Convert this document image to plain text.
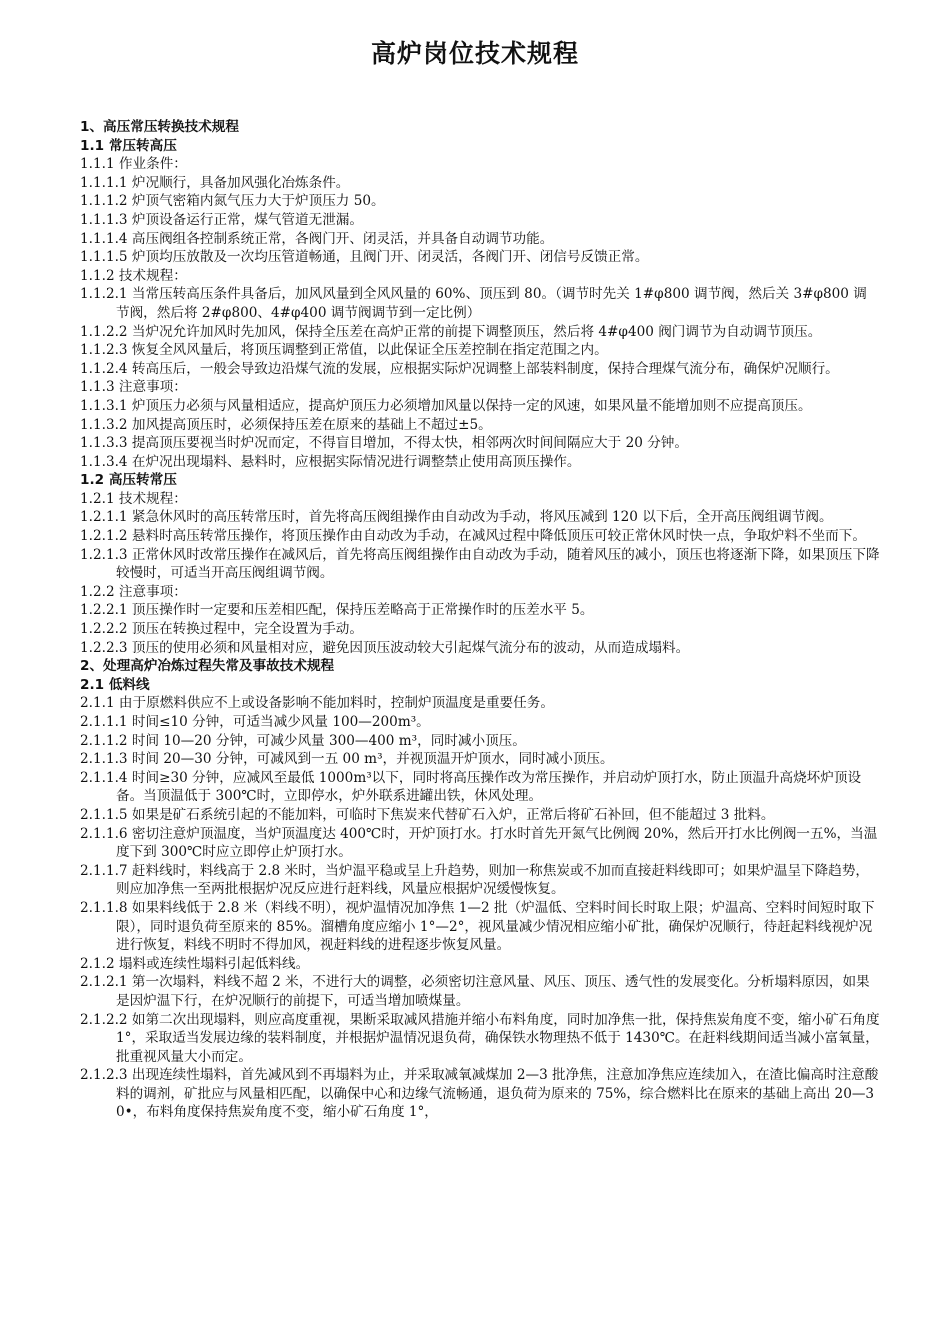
高炉岗位技术规程
1、高压常压转换技术规程
1.1 常压转高压
1.1.1 作业条件：
1.1.1.1 炉况顺行，具备加风强化冶炼条件。
1.1.1.2 炉顶气密箱内氮气压力大于炉顶压力 50。
1.1.1.3 炉顶设备运行正常，煤气管道无泄漏。
1.1.1.4 高压阀组各控制系统正常，各阀门开、闭灵活，并具备自动调节功能。
1.1.1.5 炉顶均压放散及一次均压管道畅通，且阀门开、闭灵活，各阀门开、闭信号反馈正常。
1.1.2 技术规程：
1.1.2.1 当常压转高压条件具备后，加风风量到全风风量的 60%、顶压到 80。（调节时先关 1#φ800 调节阀，然后关 3#φ800 调节阀，然后将 2#φ800、4#φ400 调节阀调节到一定比例）
1.1.2.2 当炉况允许加风时先加风，保持全压差在高炉正常的前提下调整顶压，然后将 4#φ400 阀门调节为自动调节顶压。
1.1.2.3 恢复全风风量后，将顶压调整到正常值，以此保证全压差控制在指定范围之内。
1.1.2.4 转高压后，一般会导致边沿煤气流的发展，应根据实际炉况调整上部装料制度，保持合理煤气流分布，确保炉况顺行。
1.1.3 注意事项：
1.1.3.1 炉顶压力必须与风量相适应，提高炉顶压力必须增加风量以保持一定的风速，如果风量不能增加则不应提高顶压。
1.1.3.2 加风提高顶压时，必须保持压差在原来的基础上不超过±5。
1.1.3.3 提高顶压要视当时炉况而定，不得盲目增加，不得太快，相邻两次时间间隔应大于 20 分钟。
1.1.3.4 在炉况出现塌料、悬料时，应根据实际情况进行调整禁止使用高顶压操作。
1.2 高压转常压
1.2.1 技术规程：
1.2.1.1 紧急休风时的高压转常压时，首先将高压阀组操作由自动改为手动，将风压减到 120 以下后，全开高压阀组调节阀。
1.2.1.2 悬料时高压转常压操作，将顶压操作由自动改为手动，在减风过程中降低顶压可较正常休风时快一点，争取炉料不坐而下。
1.2.1.3 正常休风时改常压操作在减风后，首先将高压阀组操作由自动改为手动，随着风压的减小，顶压也将逐渐下降，如果顶压下降较慢时，可适当开高压阀组调节阀。
1.2.2 注意事项：
1.2.2.1 顶压操作时一定要和压差相匹配，保持压差略高于正常操作时的压差水平 5。
1.2.2.2 顶压在转换过程中，完全设置为手动。
1.2.2.3 顶压的使用必须和风量相对应，避免因顶压波动较大引起煤气流分布的波动，从而造成塌料。
2、处理高炉冶炼过程失常及事故技术规程
2.1 低料线
2.1.1 由于原燃料供应不上或设备影响不能加料时，控制炉顶温度是重要任务。
2.1.1.1 时间≤10 分钟，可适当减少风量 100—200m³。
2.1.1.2 时间 10—20 分钟，可减少风量 300—400 m³，同时减小顶压。
2.1.1.3 时间 20—30 分钟，可减风到一五 00 m³，并视顶温开炉顶水，同时减小顶压。
2.1.1.4 时间≥30 分钟，应减风至最低 1000m³以下，同时将高压操作改为常压操作，并启动炉顶打水，防止顶温升高烧坏炉顶设备。当顶温低于 300℃时，立即停水，炉外联系进罐出铁，休风处理。
2.1.1.5 如果是矿石系统引起的不能加料，可临时下焦炭来代替矿石入炉，正常后将矿石补回，但不能超过 3 批料。
2.1.1.6 密切注意炉顶温度，当炉顶温度达 400℃时，开炉顶打水。打水时首先开氮气比例阀 20%，然后开打水比例阀一五%，当温度下到 300℃时应立即停止炉顶打水。
2.1.1.7 赶料线时，料线高于 2.8 米时，当炉温平稳或呈上升趋势，则加一称焦炭或不加而直接赶料线即可；如果炉温呈下降趋势，则应加净焦一至两批根据炉况反应进行赶料线，风量应根据炉况缓慢恢复。
2.1.1.8 如果料线低于 2.8 米（料线不明），视炉温情况加净焦 1—2 批（炉温低、空料时间长时取上限；炉温高、空料时间短时取下限），同时退负荷至原来的 85%。溜槽角度应缩小 1°—2°，视风量减少情况相应缩小矿批，确保炉况顺行，待赶起料线视炉况进行恢复，料线不明时不得加风，视赶料线的进程逐步恢复风量。
2.1.2 塌料或连续性塌料引起低料线。
2.1.2.1 第一次塌料，料线不超 2 米，不进行大的调整，必须密切注意风量、风压、顶压、透气性的发展变化。分析塌料原因，如果是因炉温下行，在炉况顺行的前提下，可适当增加喷煤量。
2.1.2.2 如第二次出现塌料，则应高度重视，果断采取减风措施并缩小布料角度，同时加净焦一批，保持焦炭角度不变，缩小矿石角度 1°，采取适当发展边缘的装料制度，并根据炉温情况退负荷，确保铁水物理热不低于 1430℃。在赶料线期间适当减小富氧量，批重视风量大小而定。
2.1.2.3 出现连续性塌料，首先减风到不再塌料为止，并采取减氧减煤加 2—3 批净焦，注意加净焦应连续加入，在渣比偏高时注意酸料的调剂，矿批应与风量相匹配，以确保中心和边缘气流畅通，退负荷为原来的 75%，综合燃料比在原来的基础上高出 20—30•，布料角度保持焦炭角度不变，缩小矿石角度 1°，
